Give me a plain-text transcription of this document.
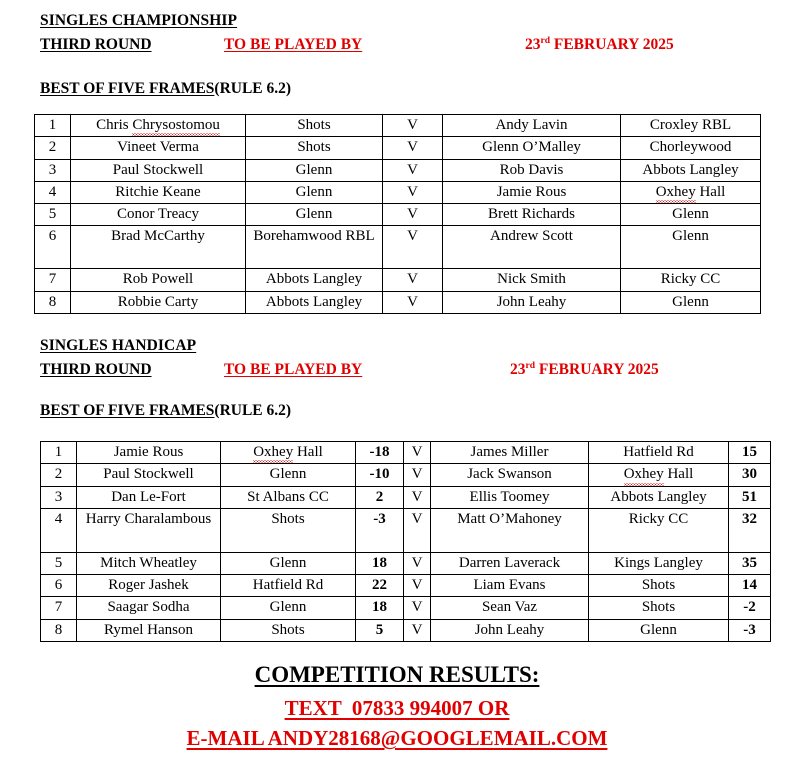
SINGLES CHAMPIONSHIP
THIRD ROUND	TO BE PLAYED BY	23rd FEBRUARY 2025
BEST OF FIVE FRAMES(RULE 6.2)
1	Chris Chrysostomou	Shots	V	Andy Lavin	Croxley RBL
2	Vineet Verma	Shots	V	Glenn O’Malley	Chorleywood
3	Paul Stockwell	Glenn	V	Rob Davis	Abbots Langley
4	Ritchie Keane	Glenn	V	Jamie Rous	Oxhey Hall
5	Conor Treacy	Glenn	V	Brett Richards	Glenn
6	Brad McCarthy	Borehamwood RBL	V	Andrew Scott	Glenn
7	Rob Powell	Abbots Langley	V	Nick Smith	Ricky CC
8	Robbie Carty	Abbots Langley	V	John Leahy	Glenn
SINGLES HANDICAP
THIRD ROUND	TO BE PLAYED BY	23rd FEBRUARY 2025
BEST OF FIVE FRAMES(RULE 6.2)
1	Jamie Rous	Oxhey Hall	-18	V	James Miller	Hatfield Rd	15
2	Paul Stockwell	Glenn	-10	V	Jack Swanson	Oxhey Hall	30
3	Dan Le-Fort	St Albans CC	2	V	Ellis Toomey	Abbots Langley	51
4	Harry Charalambous	Shots	-3	V	Matt O’Mahoney	Ricky CC	32
5	Mitch Wheatley	Glenn	18	V	Darren Laverack	Kings Langley	35
6	Roger Jashek	Hatfield Rd	22	V	Liam Evans	Shots	14
7	Saagar Sodha	Glenn	18	V	Sean Vaz	Shots	-2
8	Rymel Hanson	Shots	5	V	John Leahy	Glenn	-3
COMPETITION RESULTS:
TEXT  07833 994007 OR
E-MAIL ANDY28168@GOOGLEMAIL.COM
